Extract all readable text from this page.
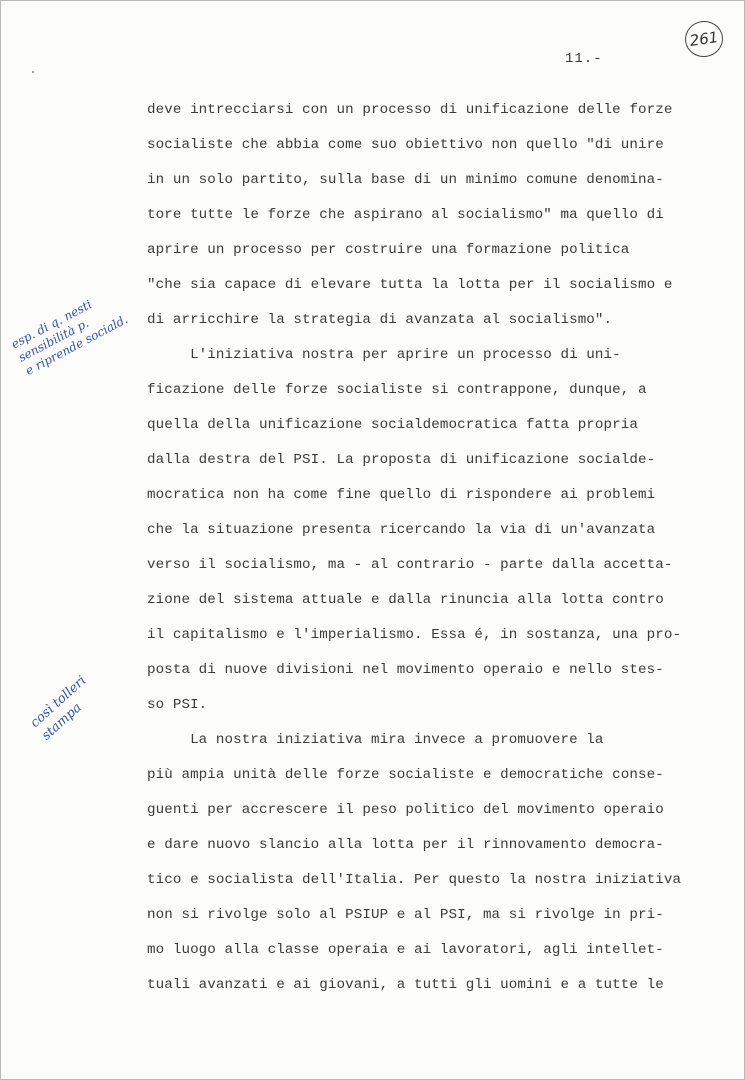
261
11.-
esp. di q. nesti
sensibilità p.
e riprende sociald.
così tolleri
stampa
deve intrecciarsi con un processo di unificazione delle forze
socialiste che abbia come suo obiettivo non quello "di unire
in un solo partito, sulla base di un minimo comune denomina-
tore tutte le forze che aspirano al socialismo" ma quello di
aprire un processo per costruire una formazione politica
"che sia capace di elevare tutta la lotta per il socialismo e
di arricchire la strategia di avanzata al socialismo".
L'iniziativa nostra per aprire un processo di uni-
ficazione delle forze socialiste si contrappone, dunque, a
quella della unificazione socialdemocratica fatta propria
dalla destra del PSI. La proposta di unificazione socialde-
mocratica non ha come fine quello di rispondere ai problemi
che la situazione presenta ricercando la via di un'avanzata
verso il socialismo, ma - al contrario - parte dalla accetta-
zione del sistema attuale e dalla rinuncia alla lotta contro
il capitalismo e l'imperialismo. Essa é, in sostanza, una pro-
posta di nuove divisioni nel movimento operaio e nello stes-
so PSI.
La nostra iniziativa mira invece a promuovere la
più ampia unità delle forze socialiste e democratiche conse-
guenti per accrescere il peso politico del movimento operaio
e dare nuovo slancio alla lotta per il rinnovamento democra-
tico e socialista dell'Italia. Per questo la nostra iniziativa
non si rivolge solo al PSIUP e al PSI, ma si rivolge in pri-
mo luogo alla classe operaia e ai lavoratori, agli intellet-
tuali avanzati e ai giovani, a tutti gli uomini e a tutte le
